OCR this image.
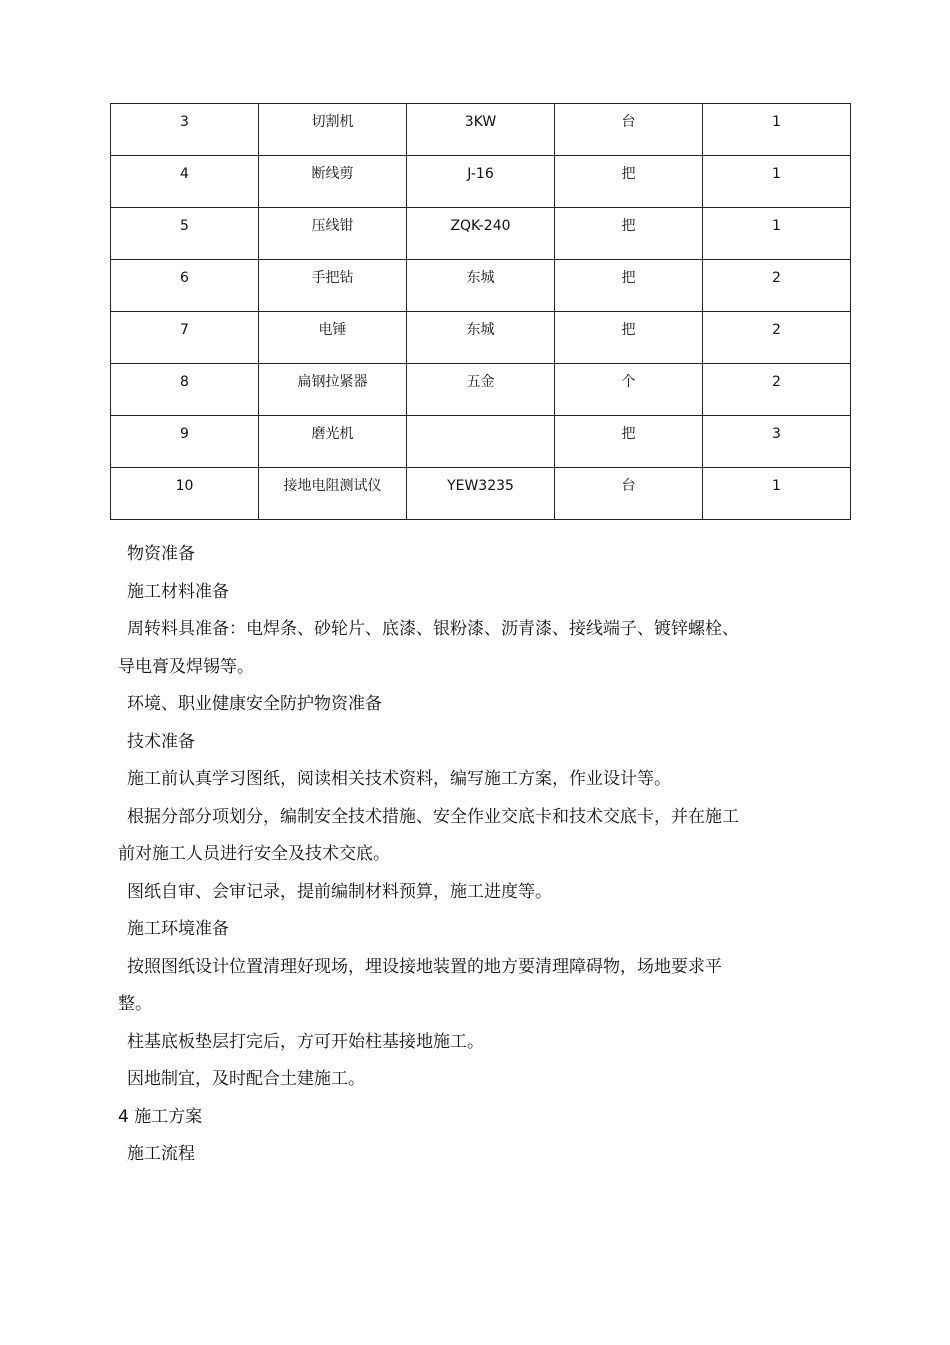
3	切割机	3KW	台	1
4	断线剪	J-16	把	1
5	压线钳	ZQK-240	把	1
6	手把钻	东城	把	2
7	电锤	东城	把	2
8	扁钢拉紧器	五金	个	2
9	磨光机		把	3
10	接地电阻测试仪	YEW3235	台	1
物资准备
施工材料准备
周转料具准备：电焊条、砂轮片、底漆、银粉漆、沥青漆、接线端子、镀锌螺栓、
导电膏及焊锡等。
环境、职业健康安全防护物资准备
技术准备
施工前认真学习图纸，阅读相关技术资料，编写施工方案，作业设计等。
根据分部分项划分，编制安全技术措施、安全作业交底卡和技术交底卡，并在施工
前对施工人员进行安全及技术交底。
图纸自审、会审记录，提前编制材料预算，施工进度等。
施工环境准备
按照图纸设计位置清理好现场，埋设接地装置的地方要清理障碍物，场地要求平
整。
柱基底板垫层打完后，方可开始柱基接地施工。
因地制宜，及时配合土建施工。
4 施工方案
施工流程
